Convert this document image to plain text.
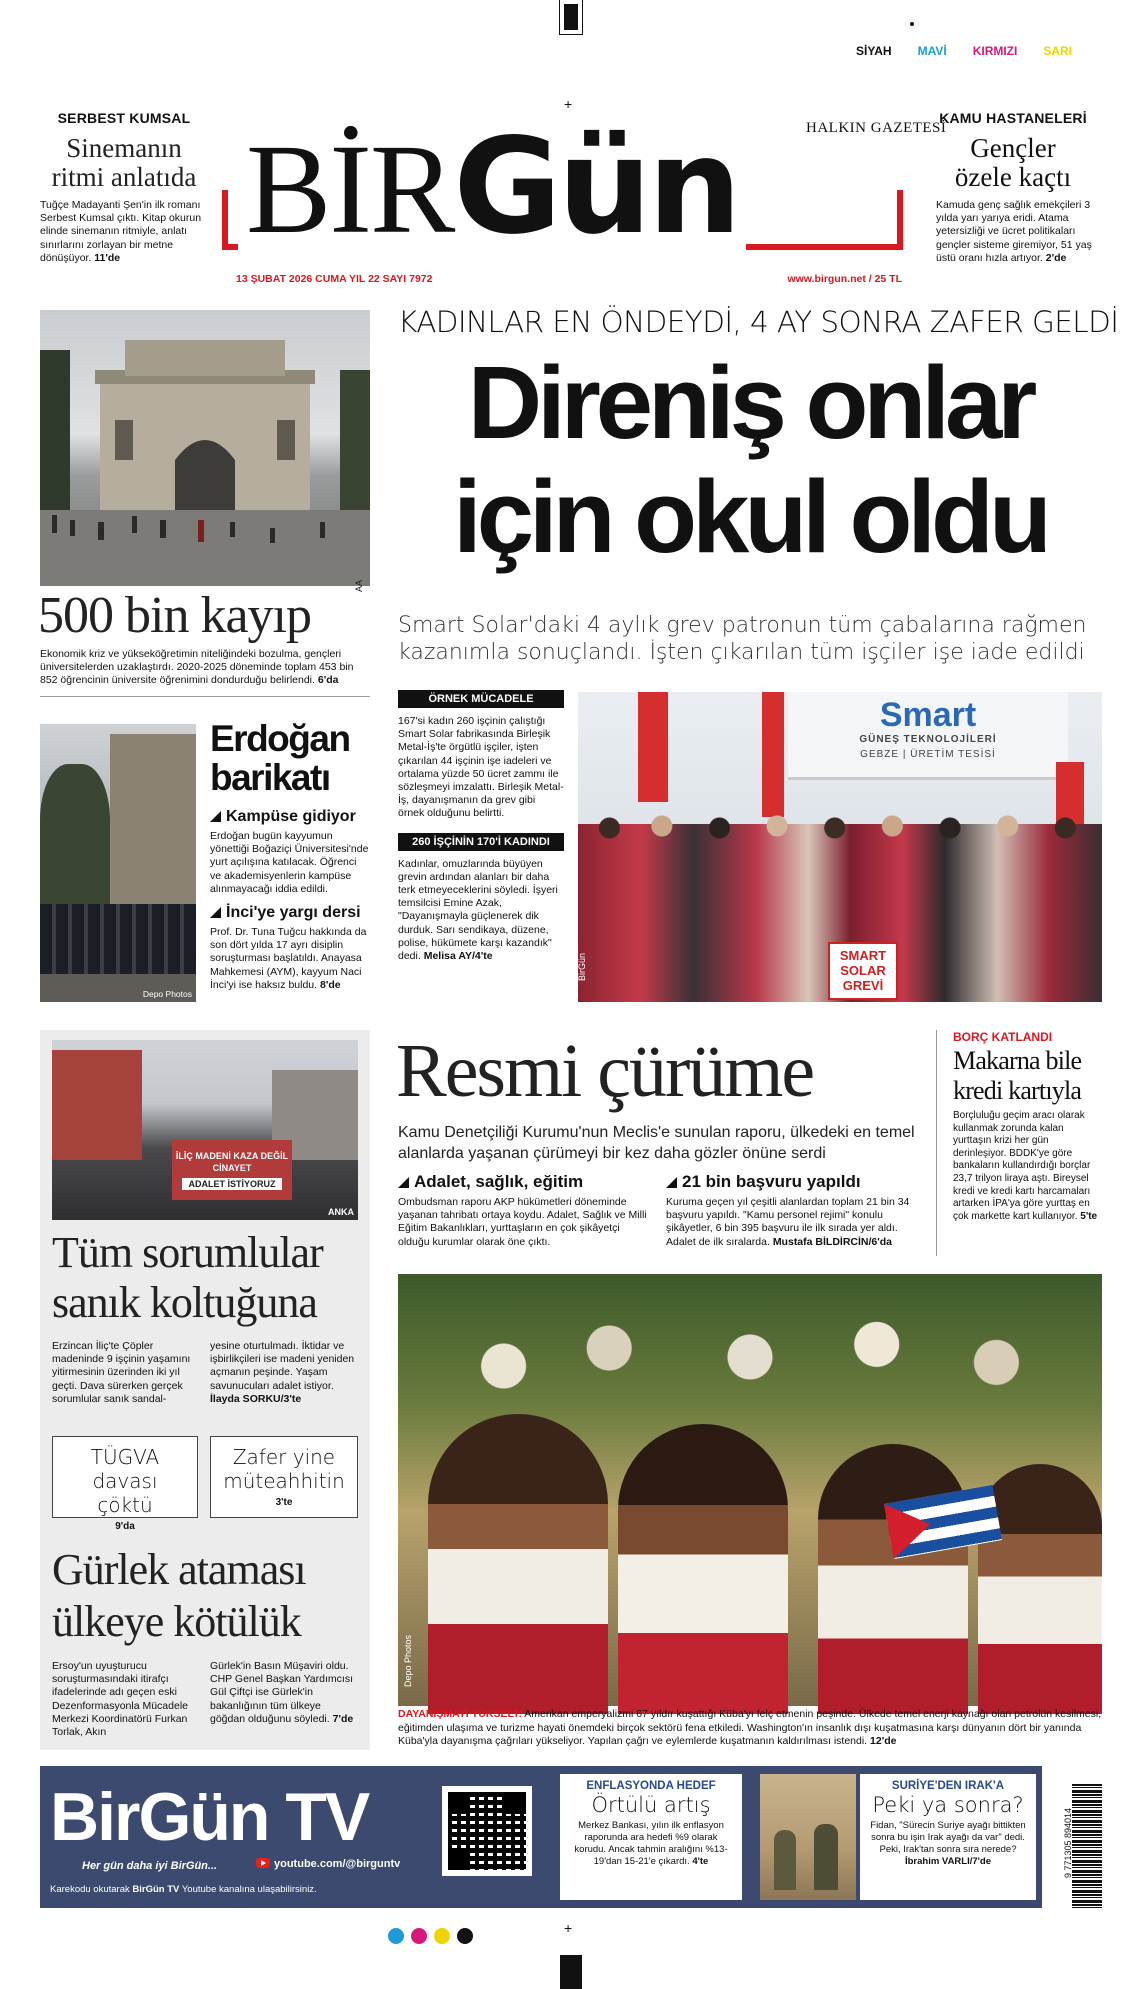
+
+
SİYAH MAVİ KIRMIZI SARI
SERBEST KUMSAL
Sinemanın ritmi anlatıda
Tuğçe Madayanti Şen'in ilk romanı Serbest Kumsal çıktı. Kitap okurun elinde sinemanın ritmiyle, anlatı sınırlarını zorlayan bir metne dönüşüyor. 11'de BİRGün	HALKIN GAZETESİ
13 ŞUBAT 2026 CUMA YIL 22 SAYI 7972	www.birgun.net / 25 TL
KAMU HASTANELERİ
Gençler özele kaçtı
Kamuda genç sağlık emekçileri 3 yılda yarı yarıya eridi. Atama yetersizliği ve ücret politikaları gençler sisteme giremiyor, 51 yaş üstü oranı hızla artıyor. 2'de
AA
500 bin kayıp
Ekonomik kriz ve yükseköğretimin niteliğindeki bozulma, gençleri üniversitelerden uzaklaştırdı. 2020-2025 döneminde toplam 453 bin 852 öğrencinin üniversite öğrenimini dondurduğu belirlendi. 6'da
KADINLAR EN ÖNDEYDİ, 4 AY SONRA ZAFER GELDİ
Direniş onlar
için okul oldu
Smart Solar'daki 4 aylık grev patronun tüm çabalarına rağmen kazanımla sonuçlandı. İşten çıkarılan tüm işçiler işe iade edildi
ÖRNEK MÜCADELE
167'si kadın 260 işçinin çalıştığı Smart Solar fabrikasında Birleşik Metal-İş'te örgütlü işçiler, işten çıkarılan 44 işçinin işe iadeleri ve ortalama yüzde 50 ücret zammı ile sözleşmeyi imzalattı. Birleşik Metal-İş, dayanışmanın da grev gibi örnek olduğunu belirtti.
260 İŞÇİNİN 170'İ KADINDI
Kadınlar, omuzlarında büyüyen grevin ardından alanları bir daha terk etmeyeceklerini söyledi. İşyeri temsilcisi Emine Azak, "Dayanışmayla güçlenerek dik durduk. Sarı sendikaya, düzene, polise, hükümete karşı kazandık" dedi. Melisa AY/4'te
Smart
GÜNEŞ TEKNOLOJİLERİ
GEBZE | ÜRETİM TESİSİ
SMART SOLAR GREVİ
BirGün
Depo Photos
Erdoğan
barikatı
Kampüse gidiyor
Erdoğan bugün kayyumun yönettiği Boğaziçi Üniversitesi'nde yurt açılışına katılacak. Öğrenci ve akademisyenlerin kampüse alınmayacağı iddia edildi.
İnci'ye yargı dersi
Prof. Dr. Tuna Tuğcu hakkında da son dört yılda 17 ayrı disiplin soruşturması başlatıldı. Anayasa Mahkemesi (AYM), kayyum Naci İnci'yi ise haksız buldu. 8'de
İLİÇ MADENİ KAZA DEĞİL CİNAYET
ADALET İSTİYORUZ
ANKA
Tüm sorumlular sanık koltuğuna
Erzincan İliç'te Çöpler madeninde 9 işçinin yaşamını yitirmesinin üzerinden iki yıl geçti. Dava sürerken gerçek sorumlular sanık sandal-
yesine oturtulmadı. İktidar ve işbirlikçileri ise madeni yeniden açmanın peşinde. Yaşam savunucuları adalet istiyor. İlayda SORKU/3'te
TÜGVA davası çöktü
9'da
Zafer yine müteahhitin
3'te
Gürlek ataması ülkeye kötülük
Ersoy'un uyuşturucu soruşturmasındaki itirafçı ifadelerinde adı geçen eski Dezenformasyonla Mücadele Merkezi Koordinatörü Furkan Torlak, Akın
Gürlek'in Basın Müşaviri oldu. CHP Genel Başkan Yardımcısı Gül Çiftçi ise Gürlek'in bakanlığının tüm ülkeye göğdan olduğunu söyledi. 7'de
Resmi çürüme
Kamu Denetçiliği Kurumu'nun Meclis'e sunulan raporu, ülkedeki en temel alanlarda yaşanan çürümeyi bir kez daha gözler önüne serdi
Adalet, sağlık, eğitim
Ombudsman raporu AKP hükümetleri döneminde yaşanan tahribatı ortaya koydu. Adalet, Sağlık ve Milli Eğitim Bakanlıkları, yurttaşların en çok şikâyetçi olduğu kurumlar olarak öne çıktı.
21 bin başvuru yapıldı
Kuruma geçen yıl çeşitli alanlardan toplam 21 bin 34 başvuru yapıldı. "Kamu personel rejimi" konulu şikâyetler, 6 bin 395 başvuru ile ilk sırada yer aldı. Adalet de ilk sıralarda. Mustafa BİLDİRCİN/6'da
BORÇ KATLANDI
Makarna bile kredi kartıyla
Borçluluğu geçim aracı olarak kullanmak zorunda kalan yurttaşın krizi her gün derinleşiyor. BDDK'ye göre bankaların kullandırdığı borçlar 23,7 trilyon liraya aştı. Bireysel kredi ve kredi kartı harcamaları artarken İPA'ya göre yurttaş en çok markette kart kullanıyor. 5'te
Depo Photos
DAYANIŞMAYI YÜKSELT: Amerikan emperyalizmi 67 yıldır kuşattığı Küba'yı felç etmenin peşinde. Ülkede temel enerji kaynağı olan petrolün kesilmesi, eğitimden ulaşıma ve turizme hayati önemdeki birçok sektörü fena etkiledi. Washington'ın insanlık dışı kuşatmasına karşı dünyanın dört bir yanında Küba'yla dayanışma çağrıları yükseliyor. Yapılan çağrı ve eylemlerde kuşatmanın kaldırılması istendi. 12'de
BirGün TV
Her gün daha iyi BirGün...	youtube.com/@birguntv
Karekodu okutarak BirGün TV Youtube kanalına ulaşabilirsiniz.
ENFLASYONDA HEDEF
Örtülü artış
Merkez Bankası, yılın ilk enflasyon raporunda ara hedefi %9 olarak korudu. Ancak tahmin aralığını %13-19'dan 15-21'e çıkardı. 4'te
SURİYE'DEN IRAK'A
Peki ya sonra?
Fidan, "Sürecin Suriye ayağı bittikten sonra bu işin Irak ayağı da var" dedi. Peki, Irak'tan sonra sıra nerede? İbrahim VARLI/7'de	9 771305 894014
